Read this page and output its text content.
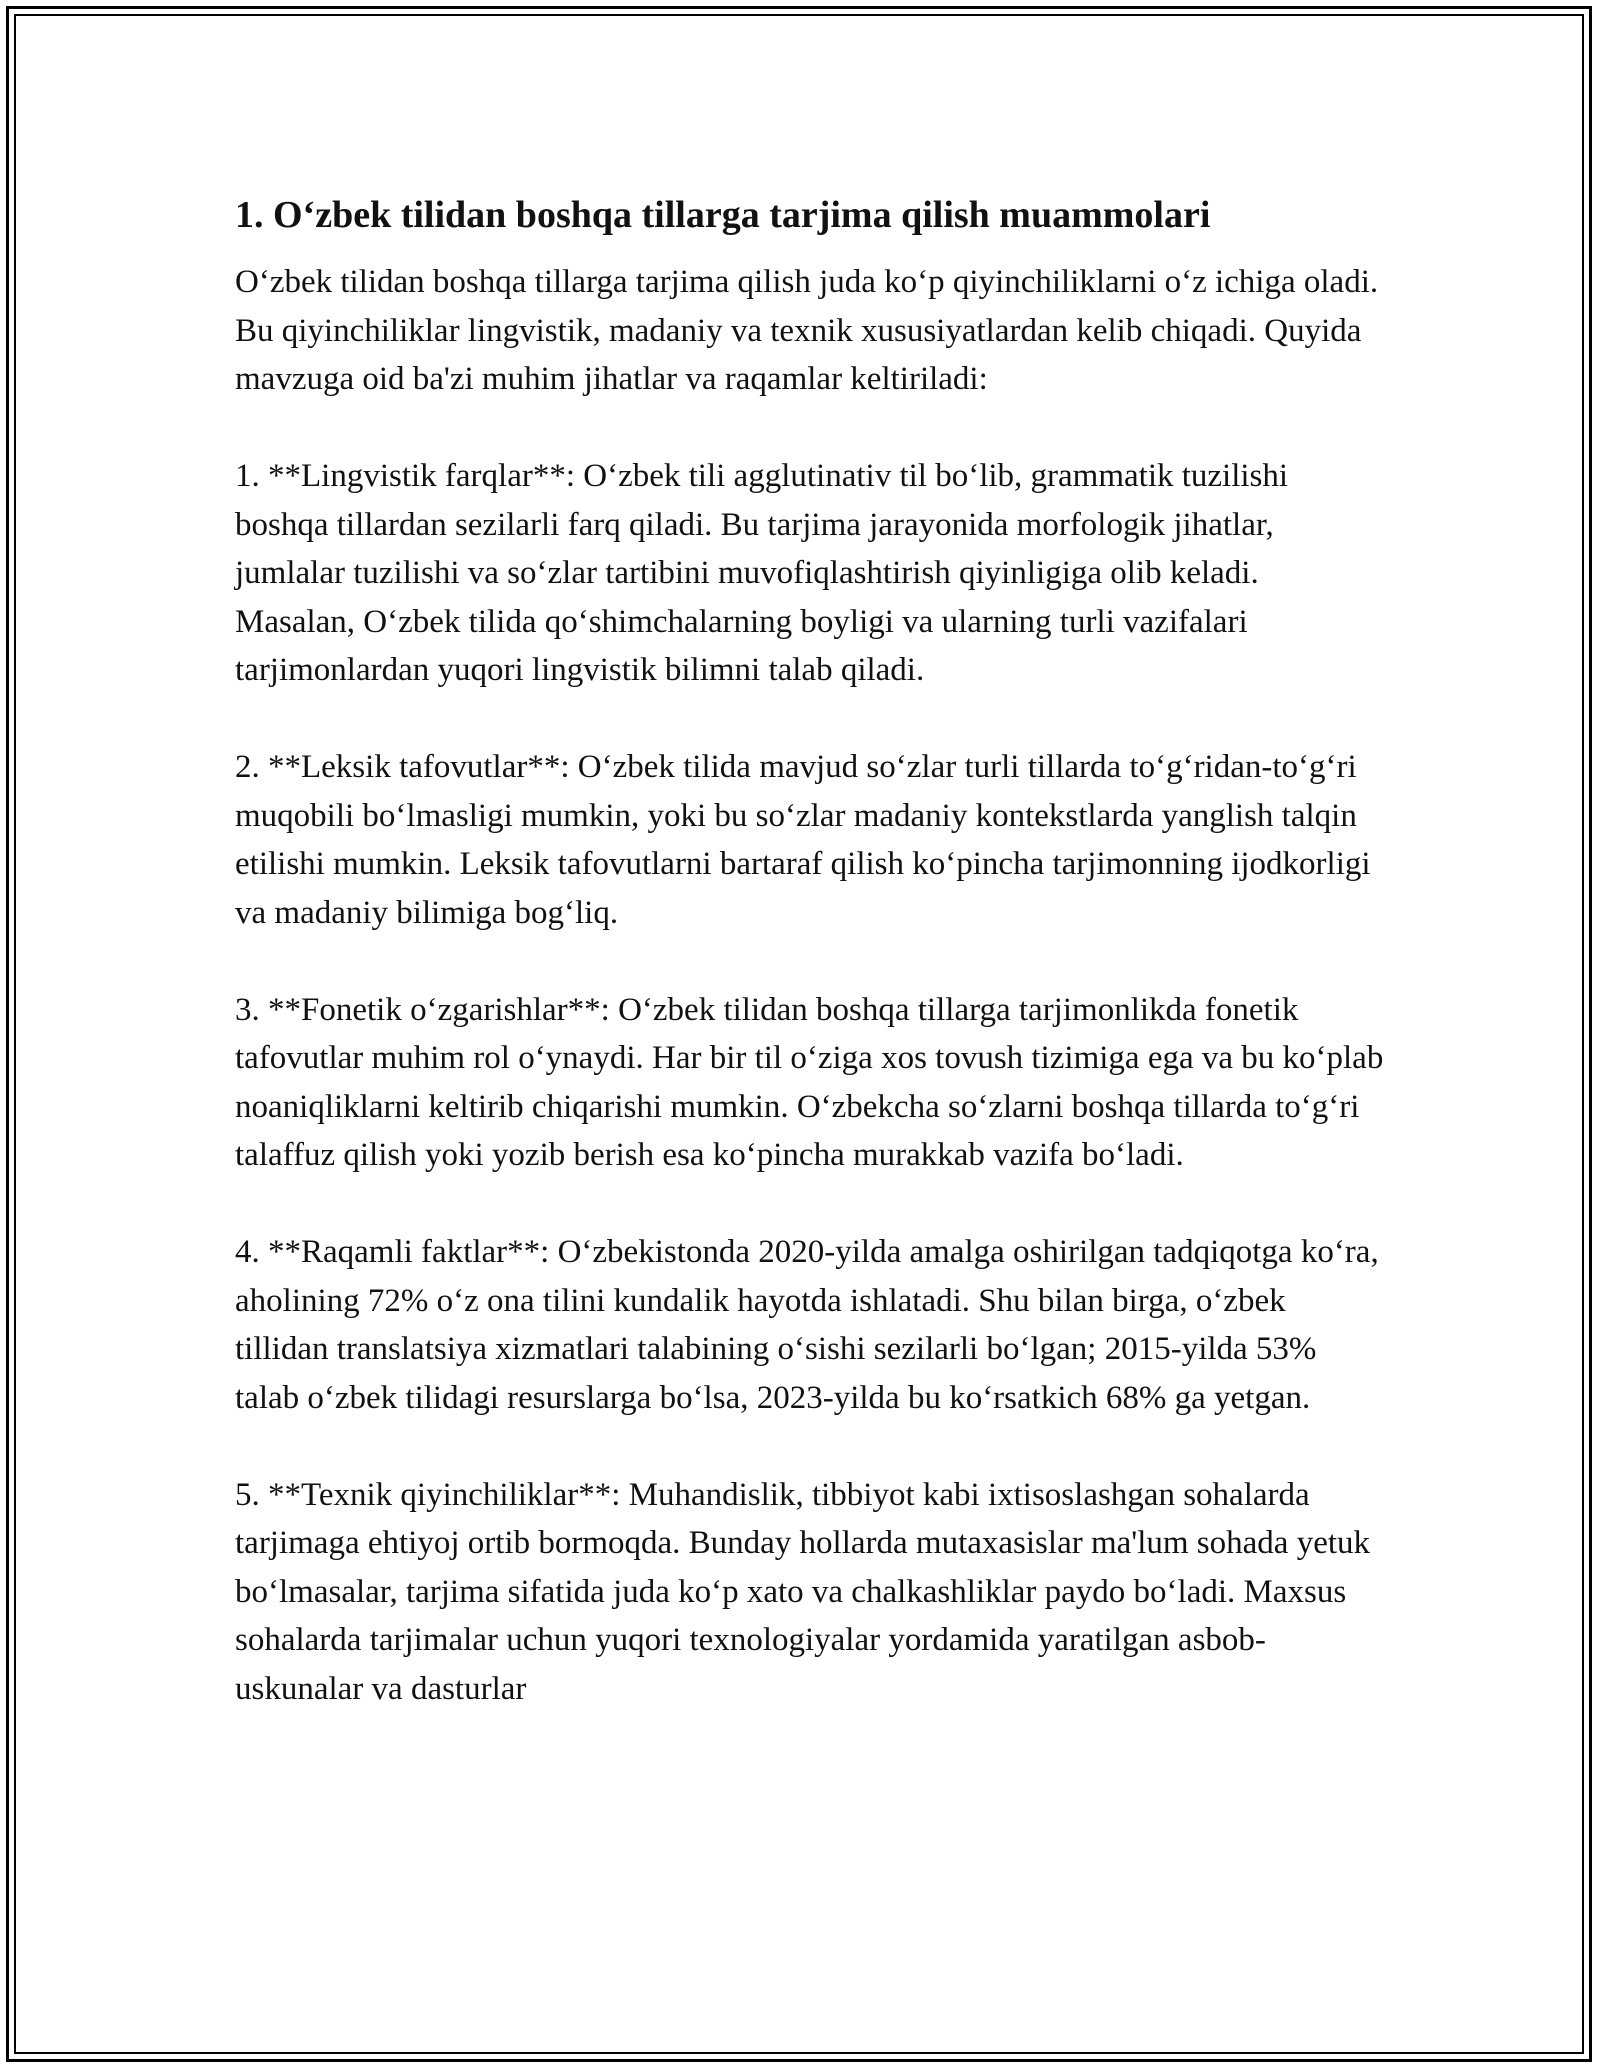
1. Oʻzbek tilidan boshqa tillarga tarjima qilish muammolari

Oʻzbek tilidan boshqa tillarga tarjima qilish juda koʻp qiyinchiliklarni oʻz ichiga oladi. Bu qiyinchiliklar lingvistik, madaniy va texnik xususiyatlardan kelib chiqadi. Quyida mavzuga oid ba'zi muhim jihatlar va raqamlar keltiriladi:

1. **Lingvistik farqlar**: Oʻzbek tili agglutinativ til boʻlib, grammatik tuzilishi boshqa tillardan sezilarli farq qiladi. Bu tarjima jarayonida morfologik jihatlar, jumlalar tuzilishi va soʻzlar tartibini muvofiqlashtirish qiyinligiga olib keladi. Masalan, Oʻzbek tilida qoʻshimchalarning boyligi va ularning turli vazifalari tarjimonlardan yuqori lingvistik bilimni talab qiladi.

2. **Leksik tafovutlar**: Oʻzbek tilida mavjud soʻzlar turli tillarda toʻgʻridan-toʻgʻri muqobili boʻlmasligi mumkin, yoki bu soʻzlar madaniy kontekstlarda yanglish talqin etilishi mumkin. Leksik tafovutlarni bartaraf qilish koʻpincha tarjimonning ijodkorligi va madaniy bilimiga bogʻliq.

3. **Fonetik oʻzgarishlar**: Oʻzbek tilidan boshqa tillarga tarjimonlikda fonetik tafovutlar muhim rol oʻynaydi. Har bir til oʻziga xos tovush tizimiga ega va bu koʻplab noaniqliklarni keltirib chiqarishi mumkin. Oʻzbekcha soʻzlarni boshqa tillarda toʻgʻri talaffuz qilish yoki yozib berish esa koʻpincha murakkab vazifa boʻladi.

4. **Raqamli faktlar**: Oʻzbekistonda 2020-yilda amalga oshirilgan tadqiqotga koʻra, aholining 72% oʻz ona tilini kundalik hayotda ishlatadi. Shu bilan birga, oʻzbek tillidan translatsiya xizmatlari talabining oʻsishi sezilarli boʻlgan; 2015-yilda 53% talab oʻzbek tilidagi resurslarga boʻlsa, 2023-yilda bu koʻrsatkich 68% ga yetgan.

5. **Texnik qiyinchiliklar**: Muhandislik, tibbiyot kabi ixtisoslashgan sohalarda tarjimaga ehtiyoj ortib bormoqda. Bunday hollarda mutaxasislar ma'lum sohada yetuk boʻlmasalar, tarjima sifatida juda koʻp xato va chalkashliklar paydo boʻladi. Maxsus sohalarda tarjimalar uchun yuqori texnologiyalar yordamida yaratilgan asbob-uskunalar va dasturlar
